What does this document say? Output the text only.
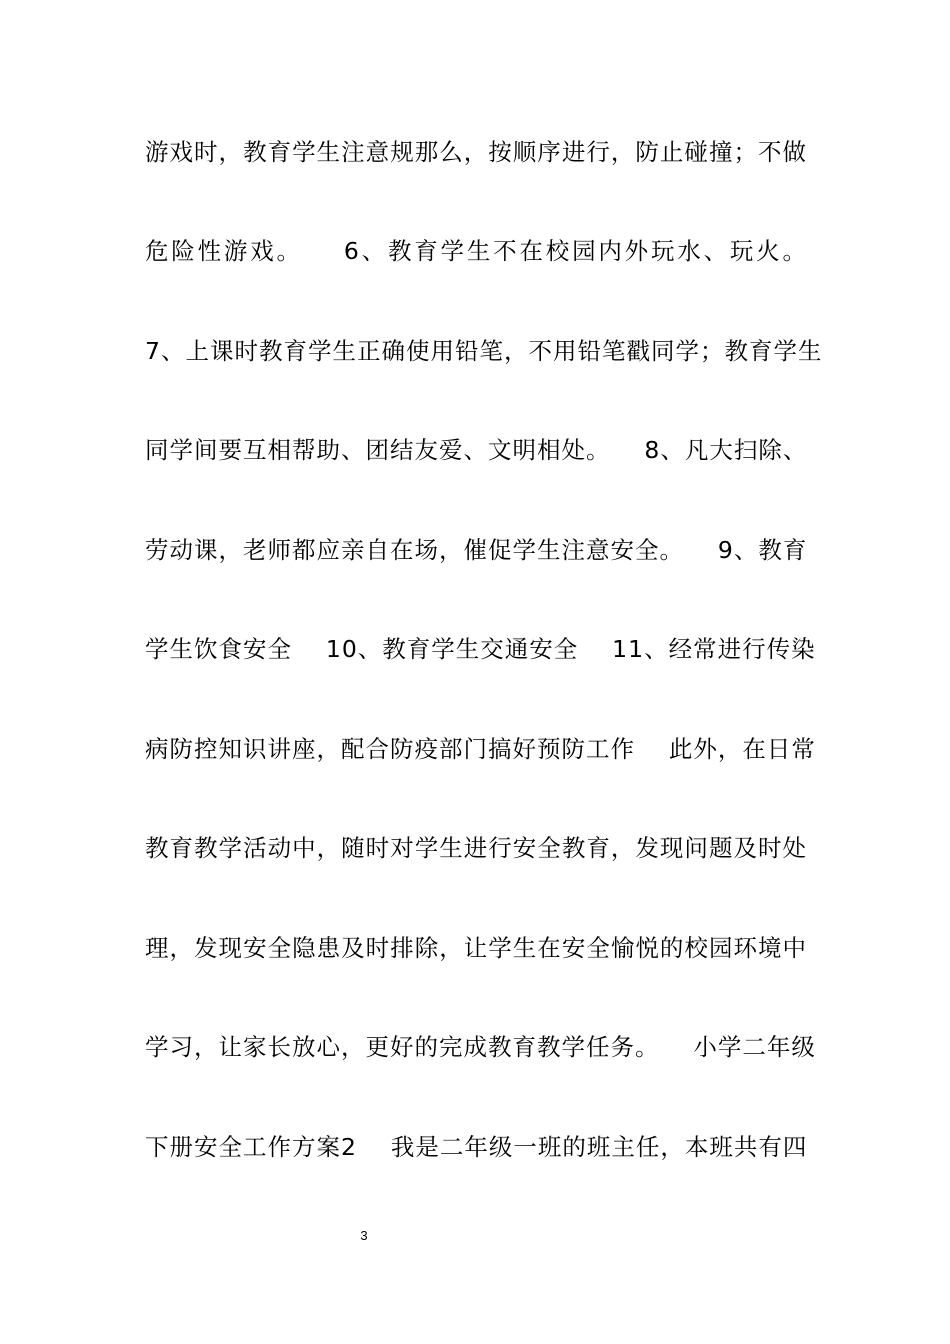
游戏时，教育学生注意规那么，按顺序进行，防止碰撞；不做
危险性游戏。    6、教育学生不在校园内外玩水、玩火。
7、上课时教育学生正确使用铅笔，不用铅笔戳同学；教育学生
同学间要互相帮助、团结友爱、文明相处。    8、凡大扫除、
劳动课，老师都应亲自在场，催促学生注意安全。    9、教育
学生饮食安全    10、教育学生交通安全    11、经常进行传染
病防控知识讲座，配合防疫部门搞好预防工作    此外，在日常
教育教学活动中，随时对学生进行安全教育，发现问题及时处
理，发现安全隐患及时排除，让学生在安全愉悦的校园环境中
学习，让家长放心，更好的完成教育教学任务。    小学二年级
下册安全工作方案2    我是二年级一班的班主任，本班共有四
3
